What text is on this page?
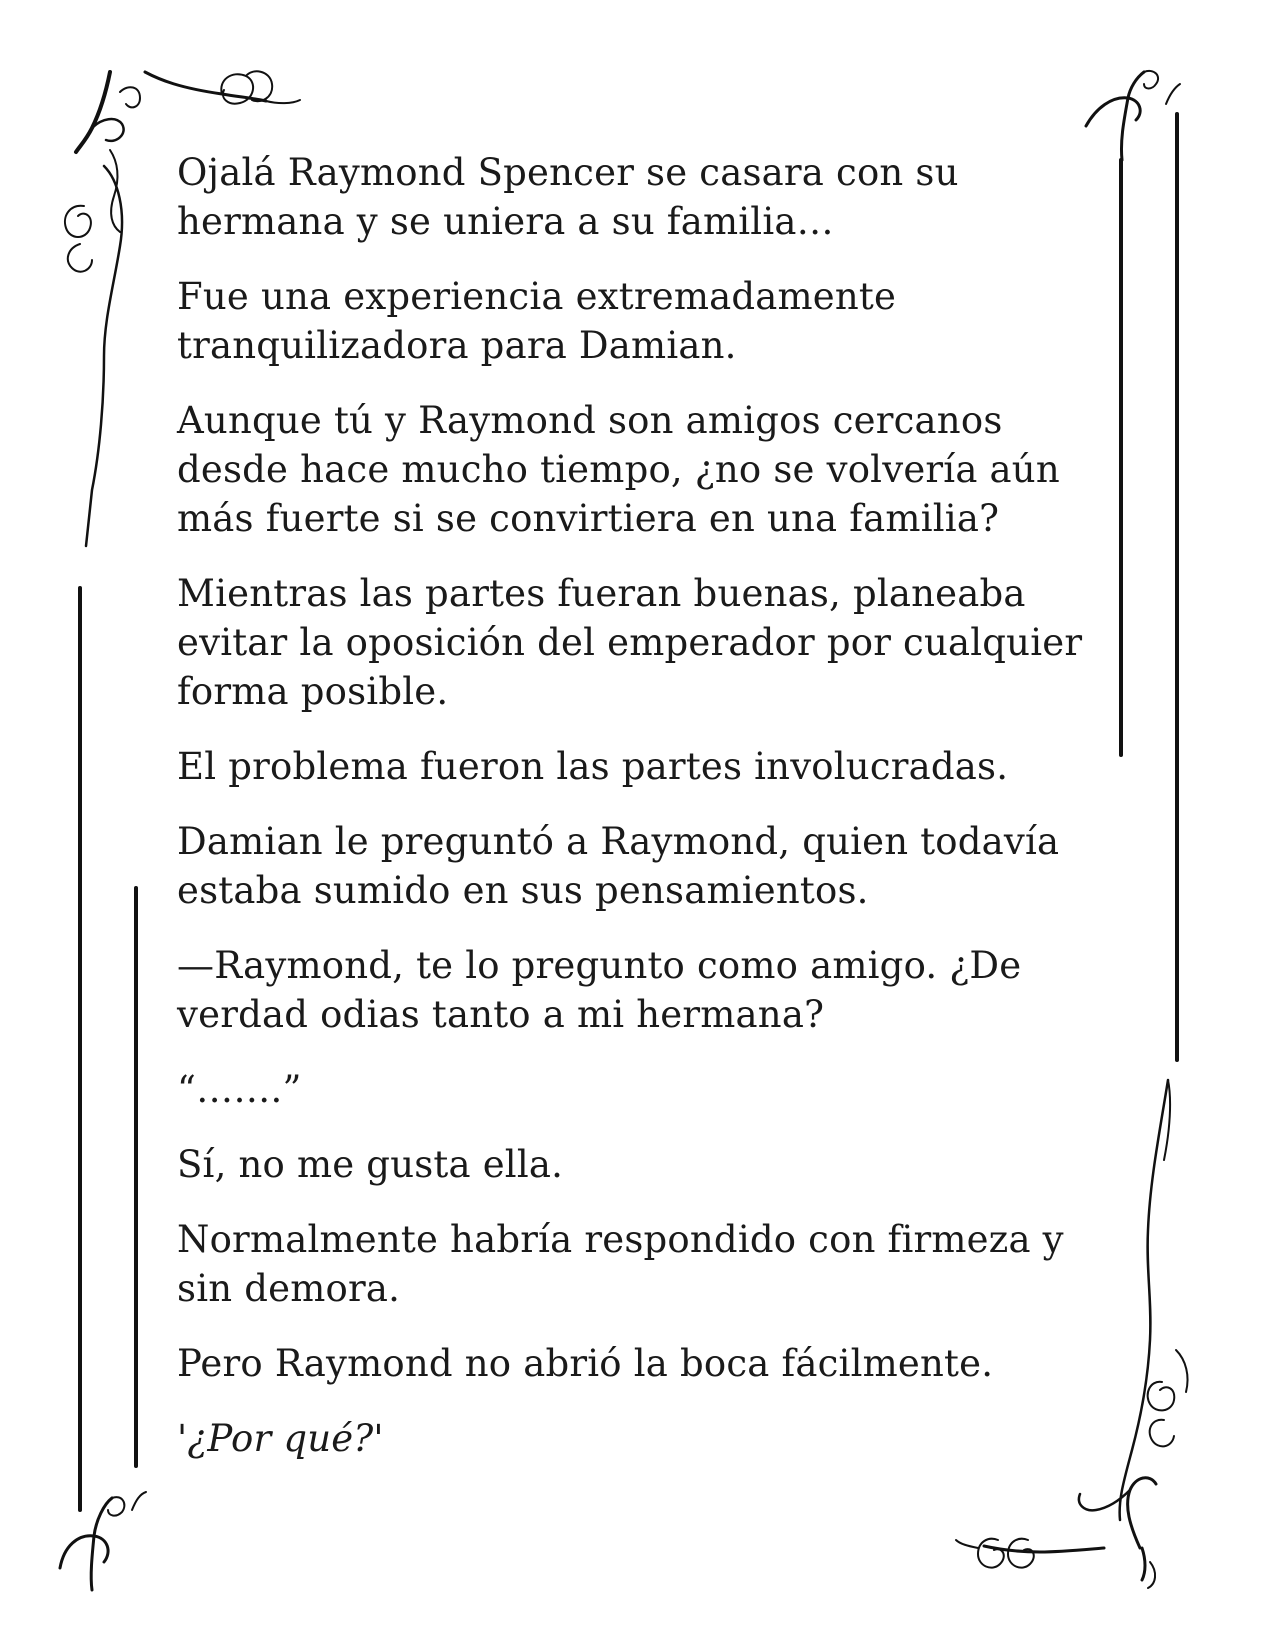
Ojalá Raymond Spencer se casara con su hermana y se uniera a su familia…

Fue una experiencia extremadamente tranquilizadora para Damian.

Aunque tú y Raymond son amigos cercanos desde hace mucho tiempo, ¿no se volvería aún más fuerte si se convirtiera en una familia?

Mientras las partes fueran buenas, planeaba evitar la oposición del emperador por cualquier forma posible.

El problema fueron las partes involucradas.

Damian le preguntó a Raymond, quien todavía estaba sumido en sus pensamientos.

—Raymond, te lo pregunto como amigo. ¿De verdad odias tanto a mi hermana?

“…….”

Sí, no me gusta ella.

Normalmente habría respondido con firmeza y sin demora.

Pero Raymond no abrió la boca fácilmente.

'¿Por qué?'
